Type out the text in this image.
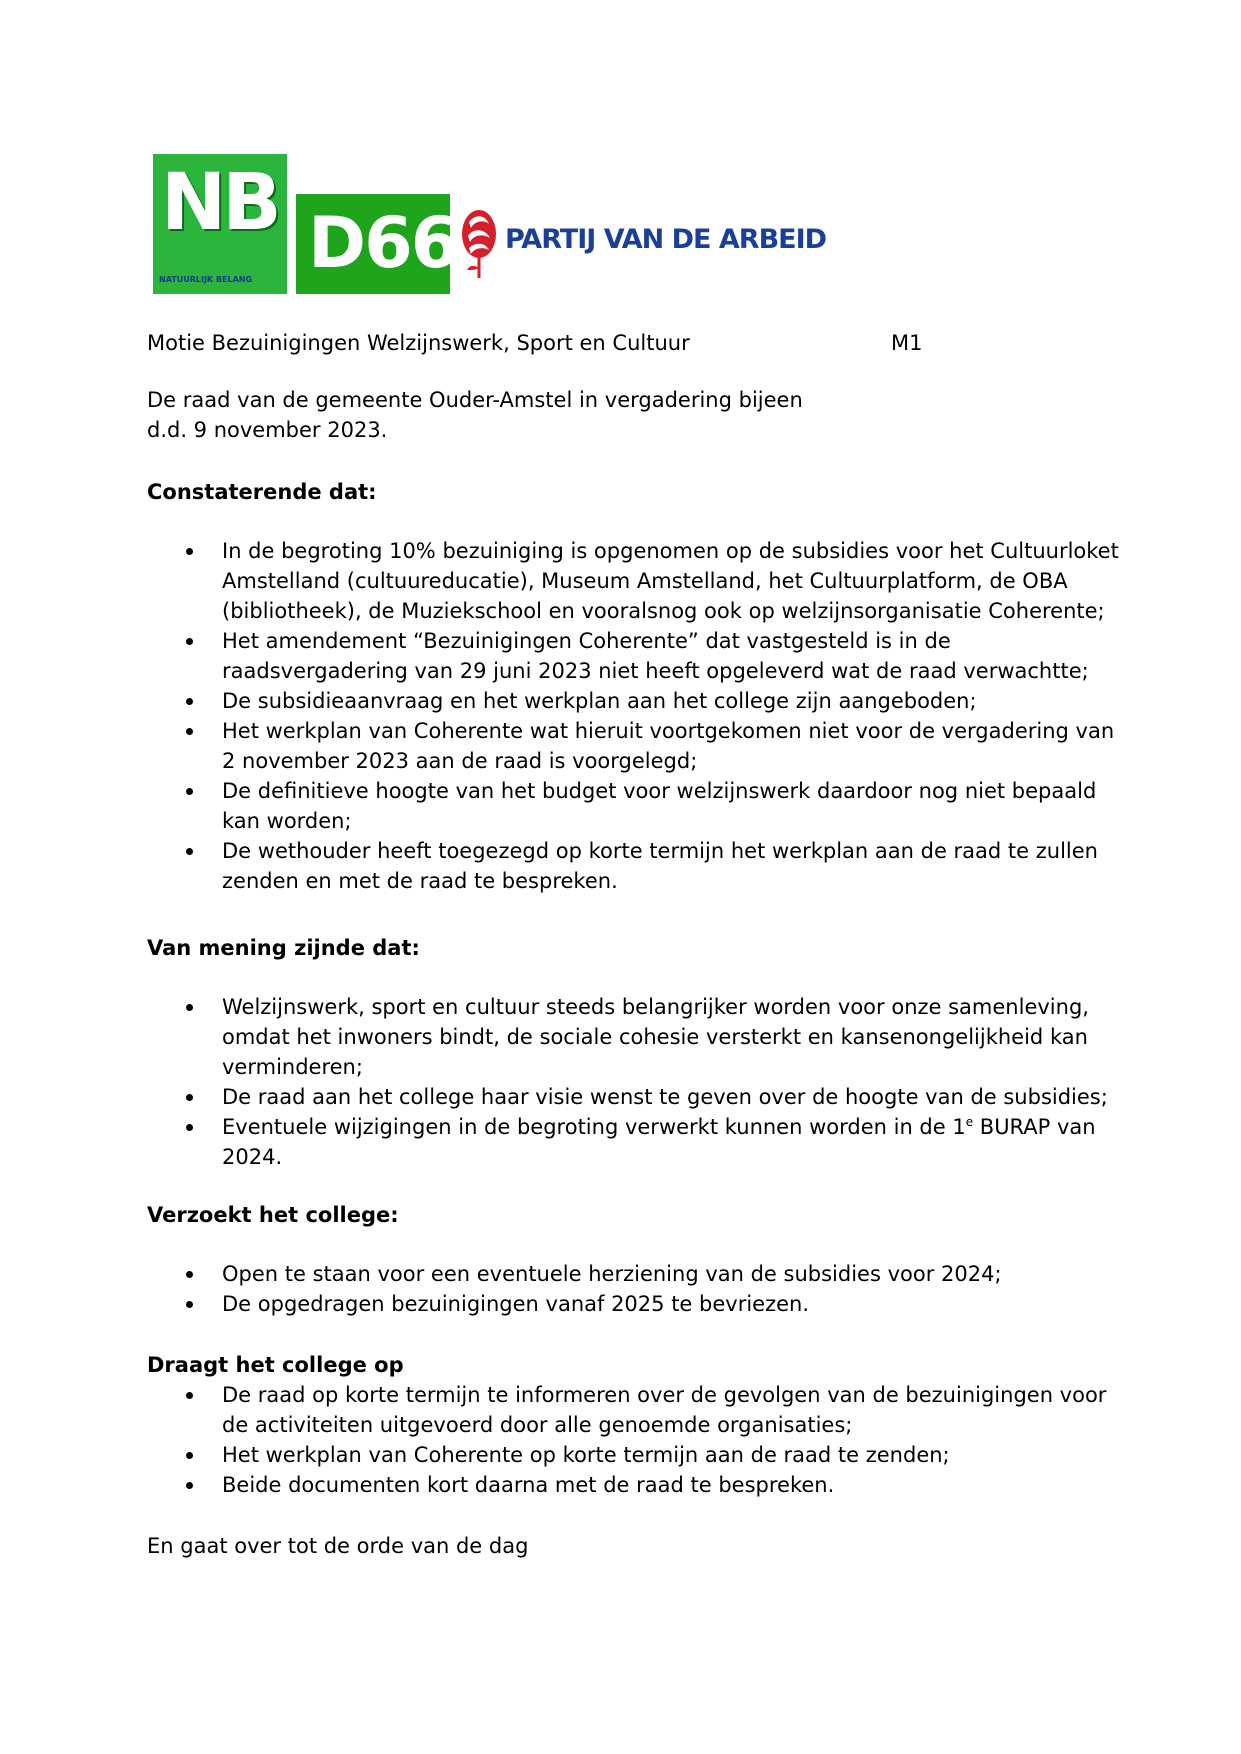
NB
NATUURLIJK BELANG D66 PARTIJ VAN DE ARBEID
Motie Bezuinigingen Welzijnswerk, Sport en Cultuur	M1
De raad van de gemeente Ouder-Amstel in vergadering bijeen
d.d. 9 november 2023.
Constaterende dat:
In de begroting 10% bezuiniging is opgenomen op de subsidies voor het Cultuurloket
Amstelland (cultuureducatie), Museum Amstelland, het Cultuurplatform, de OBA
(bibliotheek), de Muziekschool en vooralsnog ook op welzijnsorganisatie Coherente;
Het amendement “Bezuinigingen Coherente” dat vastgesteld is in de
raadsvergadering van 29 juni 2023 niet heeft opgeleverd wat de raad verwachtte;
De subsidieaanvraag en het werkplan aan het college zijn aangeboden;
Het werkplan van Coherente wat hieruit voortgekomen niet voor de vergadering van
2 november 2023 aan de raad is voorgelegd;
De definitieve hoogte van het budget voor welzijnswerk daardoor nog niet bepaald
kan worden;
De wethouder heeft toegezegd op korte termijn het werkplan aan de raad te zullen
zenden en met de raad te bespreken.
Van mening zijnde dat:
Welzijnswerk, sport en cultuur steeds belangrijker worden voor onze samenleving,
omdat het inwoners bindt, de sociale cohesie versterkt en kansenongelijkheid kan
verminderen;
De raad aan het college haar visie wenst te geven over de hoogte van de subsidies;
Eventuele wijzigingen in de begroting verwerkt kunnen worden in de 1e BURAP van
2024.
Verzoekt het college:
Open te staan voor een eventuele herziening van de subsidies voor 2024;
De opgedragen bezuinigingen vanaf 2025 te bevriezen.
Draagt het college op
De raad op korte termijn te informeren over de gevolgen van de bezuinigingen voor
de activiteiten uitgevoerd door alle genoemde organisaties;
Het werkplan van Coherente op korte termijn aan de raad te zenden;
Beide documenten kort daarna met de raad te bespreken.
En gaat over tot de orde van de dag
